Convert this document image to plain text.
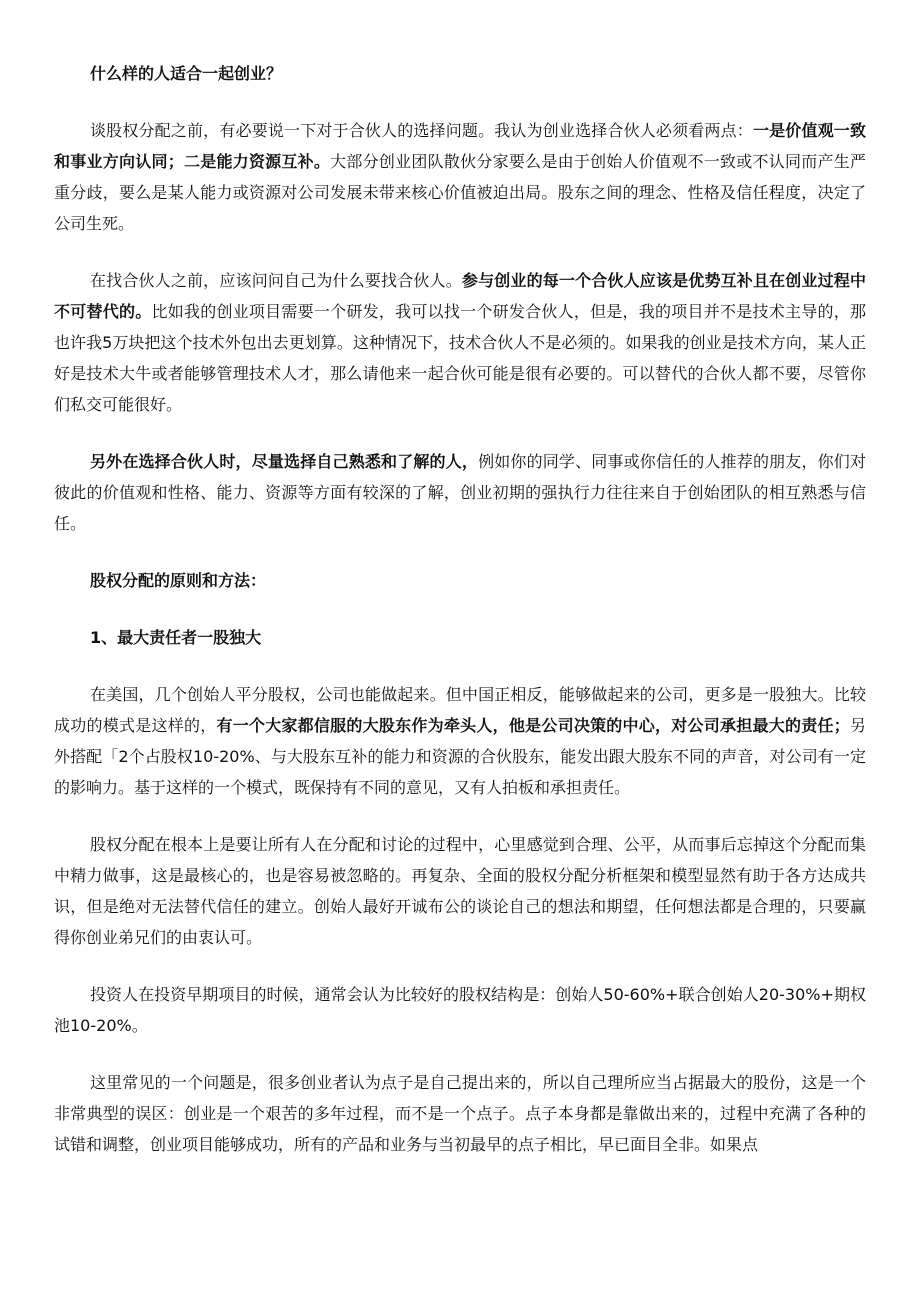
什么样的人适合一起创业？

谈股权分配之前，有必要说一下对于合伙人的选择问题。我认为创业选择合伙人必须看两点：一是价值观一致和事业方向认同；二是能力资源互补。大部分创业团队散伙分家要么是由于创始人价值观不一致或不认同而产生严重分歧，要么是某人能力或资源对公司发展未带来核心价值被迫出局。股东之间的理念、性格及信任程度，决定了公司生死。

在找合伙人之前，应该问问自己为什么要找合伙人。参与创业的每一个合伙人应该是优势互补且在创业过程中不可替代的。比如我的创业项目需要一个研发，我可以找一个研发合伙人，但是，我的项目并不是技术主导的，那也许我5万块把这个技术外包出去更划算。这种情况下，技术合伙人不是必须的。如果我的创业是技术方向，某人正好是技术大牛或者能够管理技术人才，那么请他来一起合伙可能是很有必要的。可以替代的合伙人都不要，尽管你们私交可能很好。

另外在选择合伙人时，尽量选择自己熟悉和了解的人，例如你的同学、同事或你信任的人推荐的朋友，你们对彼此的价值观和性格、能力、资源等方面有较深的了解，创业初期的强执行力往往来自于创始团队的相互熟悉与信任。

股权分配的原则和方法：

1、最大责任者一股独大

在美国，几个创始人平分股权，公司也能做起来。但中国正相反，能够做起来的公司，更多是一股独大。比较成功的模式是这样的，有一个大家都信服的大股东作为牵头人，他是公司决策的中心，对公司承担最大的责任；另外搭配「2个占股权10-20%、与大股东互补的能力和资源的合伙股东，能发出跟大股东不同的声音，对公司有一定的影响力。基于这样的一个模式，既保持有不同的意见，又有人拍板和承担责任。

股权分配在根本上是要让所有人在分配和讨论的过程中，心里感觉到合理、公平，从而事后忘掉这个分配而集中精力做事，这是最核心的，也是容易被忽略的。再复杂、全面的股权分配分析框架和模型显然有助于各方达成共识，但是绝对无法替代信任的建立。创始人最好开诚布公的谈论自己的想法和期望，任何想法都是合理的，只要赢得你创业弟兄们的由衷认可。

投资人在投资早期项目的时候，通常会认为比较好的股权结构是：创始人50-60%+联合创始人20-30%+期权池10-20%。

这里常见的一个问题是，很多创业者认为点子是自己提出来的，所以自己理所应当占据最大的股份，这是一个非常典型的误区：创业是一个艰苦的多年过程，而不是一个点子。点子本身都是靠做出来的，过程中充满了各种的试错和调整，创业项目能够成功，所有的产品和业务与当初最早的点子相比，早已面目全非。如果点
